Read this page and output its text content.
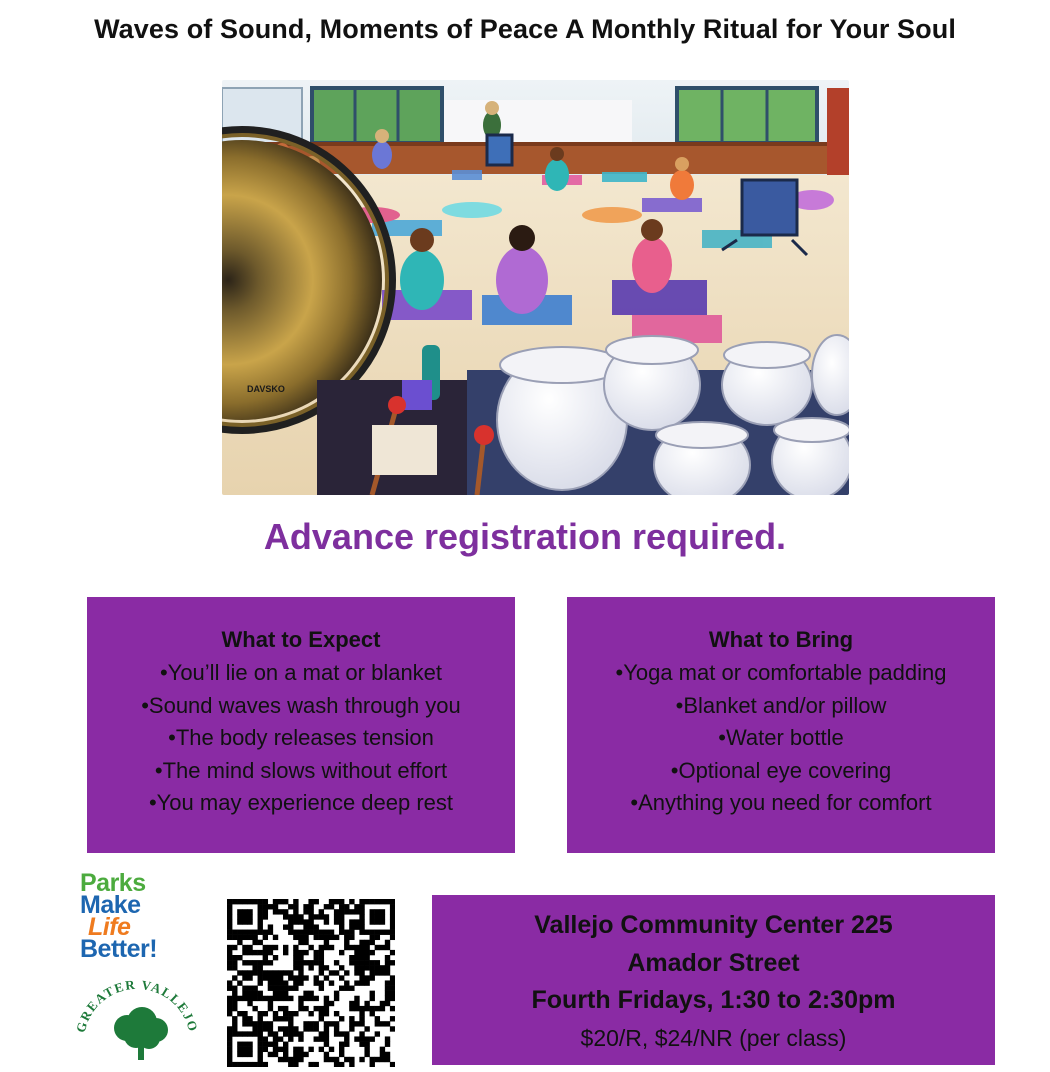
Waves of Sound, Moments of Peace A Monthly Ritual for Your Soul
DAVSKO
Advance registration required.
What to Expect
• You’ll lie on a mat or blanket
• Sound waves wash through you
• The body releases tension
• The mind slows without effort
• You may experience deep rest
What to Bring
• Yoga mat or comfortable padding
• Blanket and/or pillow
• Water bottle
• Optional eye covering
• Anything you need for comfort
Parks
Make
Life
Better!
GREATER VALLEJO
Vallejo Community Center 225
Amador Street
Fourth Fridays, 1:30 to 2:30pm
$20/R, $24/NR (per class)
